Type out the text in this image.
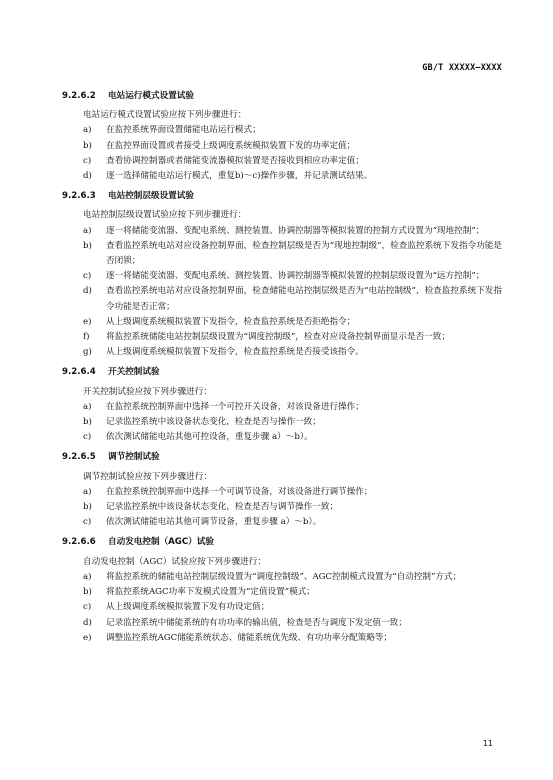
GB/T XXXXX—XXXX
9.2.6.2 电站运行模式设置试验
电站运行模式设置试验应按下列步骤进行：
a)	在监控系统界面设置储能电站运行模式；
b)	在监控界面设置或者接受上级调度系统模拟装置下发的功率定值；
c)	查看协调控制器或者储能变流器模拟装置是否接收到相应功率定值；
d)	逐一选择储能电站运行模式，重复b)～c)操作步骤，并记录测试结果。
9.2.6.3 电站控制层级设置试验
电站控制层级设置试验应按下列步骤进行：
a)	逐一将储能变流器、变配电系统、测控装置、协调控制器等模拟装置的控制方式设置为“现地控制”；
b)	查看监控系统电站对应设备控制界面，检查控制层级是否为“现地控制级”，检查监控系统下发指令功能是否闭锁；
c)	逐一将储能变流器、变配电系统、测控装置、协调控制器等模拟装置的控制层级设置为“远方控制”；
d)	查看监控系统电站对应设备控制界面，检查储能电站控制层级是否为“电站控制级”，检查监控系统下发指令功能是否正常；
e)	从上级调度系统模拟装置下发指令，检查监控系统是否拒绝指令；
f)	将监控系统储能电站控制层级设置为“调度控制级”，检查对应设备控制界面显示是否一致；
g)	从上级调度系统模拟装置下发指令，检查监控系统是否接受该指令。
9.2.6.4 开关控制试验
开关控制试验应按下列步骤进行：
a)	在监控系统控制界面中选择一个可控开关设备，对该设备进行操作；
b)	记录监控系统中该设备状态变化，检查是否与操作一致；
c)	依次测试储能电站其他可控设备，重复步骤 a）～b）。
9.2.6.5 调节控制试验
调节控制试验应按下列步骤进行：
a)	在监控系统控制界面中选择一个可调节设备，对该设备进行调节操作；
b)	记录监控系统中该设备状态变化，检查是否与调节操作一致；
c)	依次测试储能电站其他可调节设备，重复步骤 a）～b）。
9.2.6.6 自动发电控制（AGC）试验
自动发电控制（AGC）试验应按下列步骤进行：
a)	将监控系统的储能电站控制层级设置为“调度控制级”、AGC控制模式设置为“自动控制”方式；
b)	将监控系统AGC功率下发模式设置为“定值设置”模式；
c)	从上级调度系统模拟装置下发有功设定值；
d)	记录监控系统中储能系统的有功功率的输出值，检查是否与调度下发定值一致；
e)	调整监控系统AGC储能系统状态、储能系统优先级、有功功率分配策略等；
11
